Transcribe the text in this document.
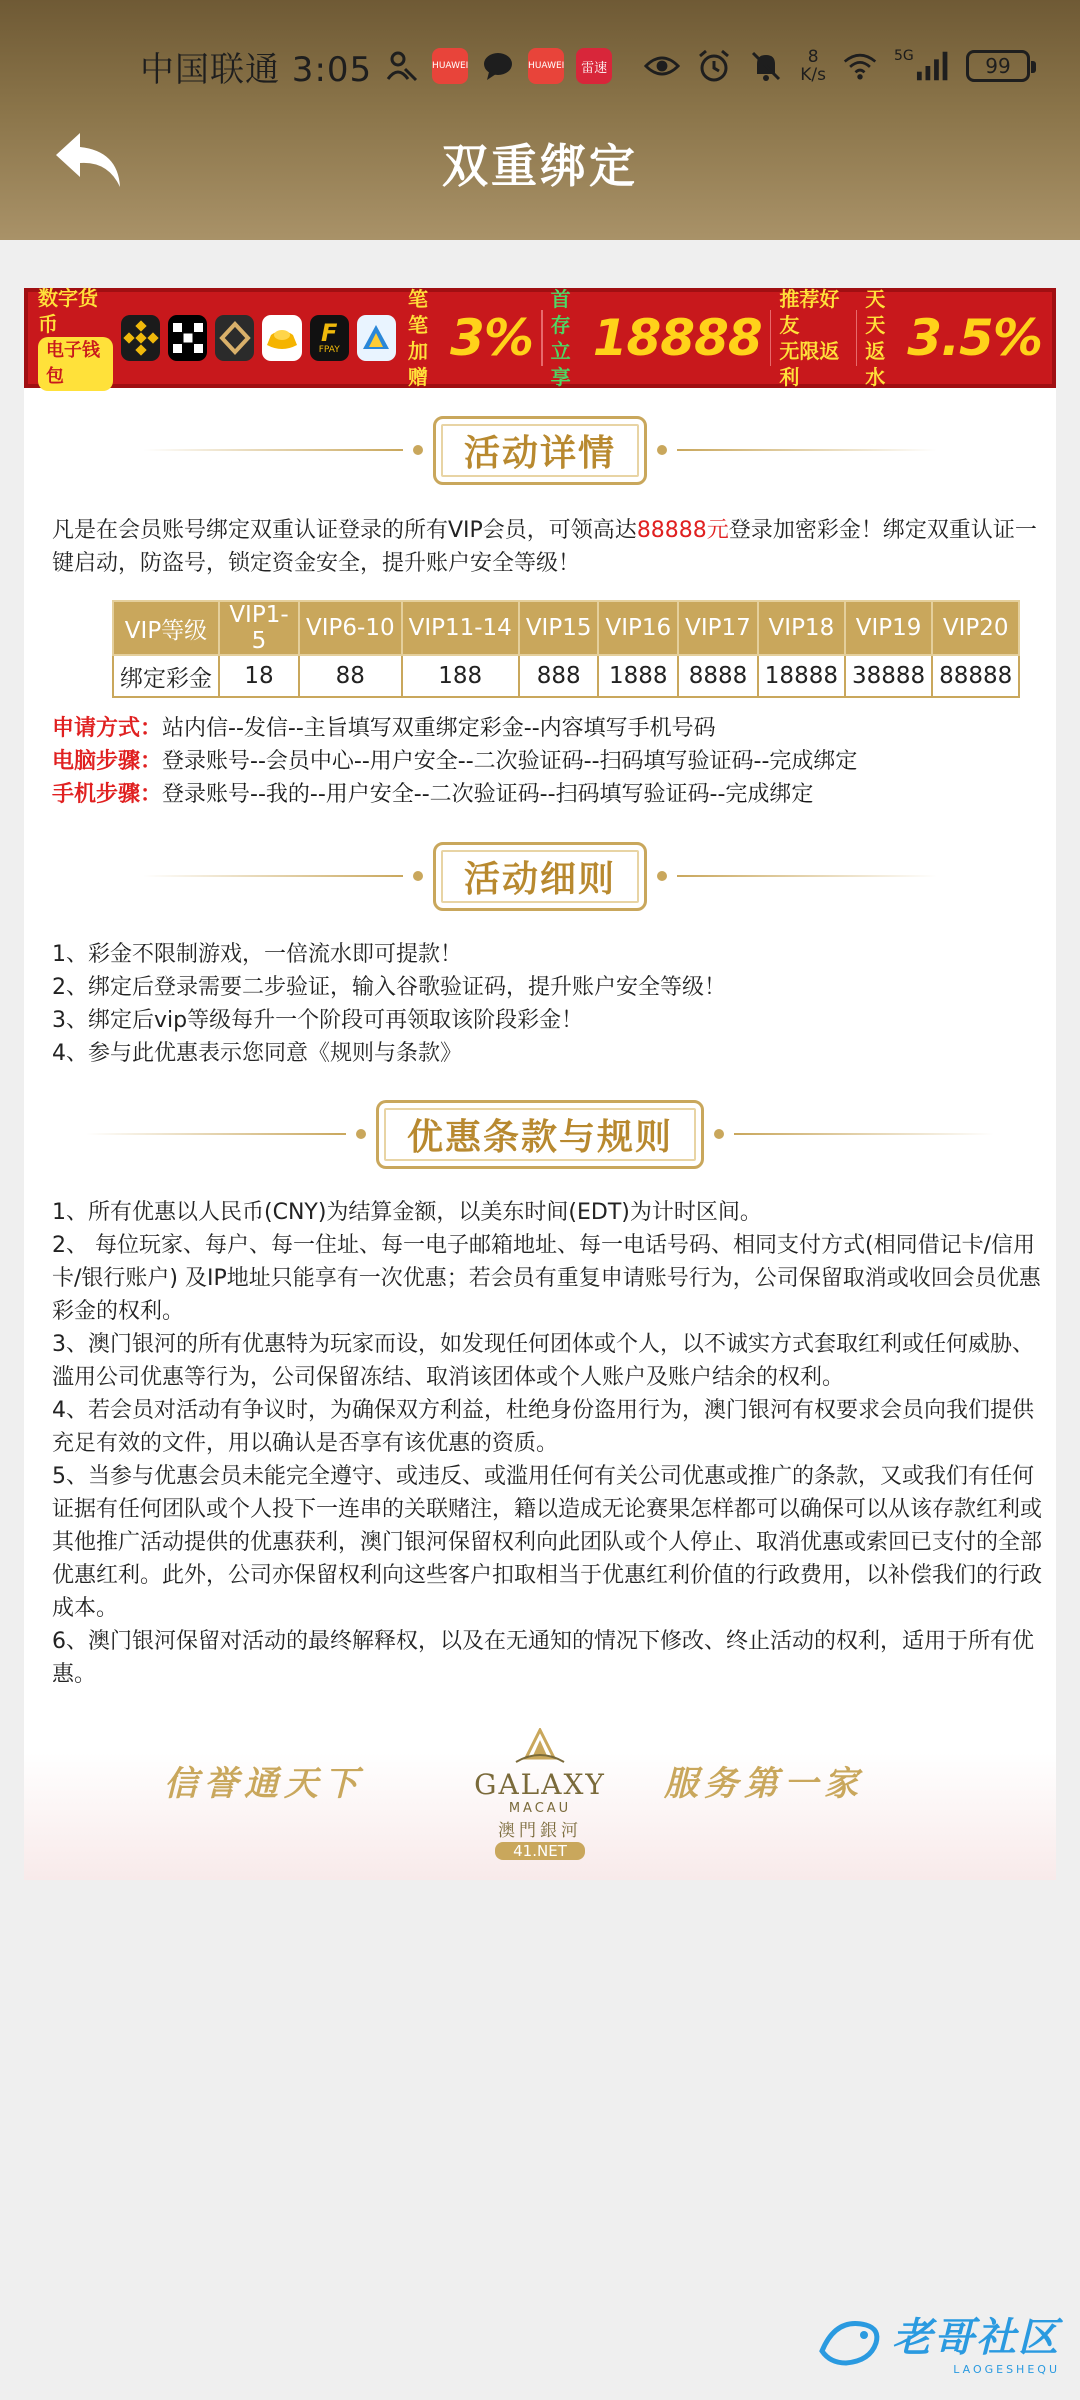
中国联通 3:05	HUAWEI	HUAWEI	雷速
8
K/s
5G	99
双重绑定
数字货币
电子钱包
F
FPAY
笔笔
加赠
3%
首存
立享
18888
推荐好友
无限返利
天天
返水
3.5%
活动详情
凡是在会员账号绑定双重认证登录的所有VIP会员，可领高达88888元登录加密彩金！绑定双重认证一键启动，防盗号，锁定资金安全，提升账户安全等级！
VIP等级	VIP1-5	VIP6-10	VIP11-14	VIP15	VIP16	VIP17	VIP18	VIP19	VIP20
绑定彩金	18	88	188	888	1888	8888	18888	38888	88888
申请方式：站内信--发信--主旨填写双重绑定彩金--内容填写手机号码
电脑步骤：登录账号--会员中心--用户安全--二次验证码--扫码填写验证码--完成绑定
手机步骤：登录账号--我的--用户安全--二次验证码--扫码填写验证码--完成绑定
活动细则
1、彩金不限制游戏，一倍流水即可提款！
2、绑定后登录需要二步验证，输入谷歌验证码，提升账户安全等级！
3、绑定后vip等级每升一个阶段可再领取该阶段彩金！
4、参与此优惠表示您同意《规则与条款》
优惠条款与规则
1、所有优惠以人民币(CNY)为结算金额，以美东时间(EDT)为计时区间。
2、 每位玩家、每户、每一住址、每一电子邮箱地址、每一电话号码、相同支付方式(相同借记卡/信用卡/银行账户) 及IP地址只能享有一次优惠；若会员有重复申请账号行为，公司保留取消或收回会员优惠彩金的权利。
3、澳门银河的所有优惠特为玩家而设，如发现任何团体或个人，以不诚实方式套取红利或任何威胁、滥用公司优惠等行为，公司保留冻结、取消该团体或个人账户及账户结余的权利。
4、若会员对活动有争议时，为确保双方利益，杜绝身份盗用行为，澳门银河有权要求会员向我们提供充足有效的文件，用以确认是否享有该优惠的资质。
5、当参与优惠会员未能完全遵守、或违反、或滥用任何有关公司优惠或推广的条款，又或我们有任何证据有任何团队或个人投下一连串的关联赌注，籍以造成无论赛果怎样都可以确保可以从该存款红利或其他推广活动提供的优惠获利，澳门银河保留权利向此团队或个人停止、取消优惠或索回已支付的全部优惠红利。此外，公司亦保留权利向这些客户扣取相当于优惠红利价值的行政费用，以补偿我们的行政成本。
6、澳门银河保留对活动的最终解释权，以及在无通知的情况下修改、终止活动的权利，适用于所有优惠。
信誉通天下	GALAXY
MACAU
澳門銀河
41.NET
服务第一家
老哥社区
LAOGESHEQU
